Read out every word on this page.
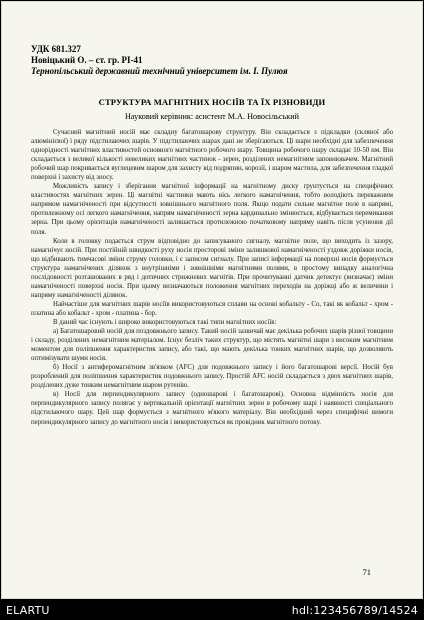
УДК 681.327
Новіцький О. – ст. гр. РІ-41
Тернопільський державний технічний університет ім. І. Пулюя
СТРУКТУРА МАГНІТНИХ НОСІЇВ ТА ЇХ РІЗНОВИДИ
Науковий керівник: асистент М.А. Новосільський

Сучасний магнітний носій має складну багатошарову структуру. Він складається з підкладки (скляної або алюмінієвої) і ряду підстилаючих шарів. У підстилаючих шарах дані не зберігаються. Ці шари необхідні для забезпечення однорідності магнітних властивостей основного магнітного робочого шару. Товщина робочого шару складає 10-50 нм. Він складається з великої кількості невеликих магнітних частинок - зерен, розділених немагнітним заповнювачем. Магнітний робочий шар покривається вуглецевим шаром для захисту від подряпин, корозії, і шаром мастила, для забезпечення гладкої поверхні і захисту від зносу.

Можливість запису і зберігання магнітної інформації на магнітному диску ґрунтується на специфічних властивостях магнітних зерен. Ці магнітні частинки мають вісь легкого намагнічення, тобто володіють переважним напрямом намагніченості при відсутності зовнішнього магнітного поля. Якщо подати сильне магнітне поле в напрямі, протилежному осі легкого намагнічення, напрям намагніченості зерна кардинально змінюється, відбувається перемикання зерна. При цьому орієнтація намагніченості залишається протилежною початковому напряму навіть після усунення дії поля.

Коли в головку подається струм відповідно до записуваного сигналу, магнітне поле, що виходить із зазору, намагнічує носій. При постійній швидкості руху носія просторові зміни залишкової намагніченості уздовж доріжки носія, що відбивають тимчасові зміни струму головки, і є записом сигналу. При записі інформації на поверхні носія формується структура намагнічених ділянок з внутрішніми і зовнішніми магнітними полями, в простому випадку аналогічна послідовності розташованих в ряд і дотичних стрижневих магнітів. При прочитуванні датчик детектує (визначає) зміни намагніченості поверхні носія. При цьому визначаються положення магнітних переходів на доріжці або ж величини і напряму намагніченості ділянок.

Найчастіше для магнітних шарів носіїв використовуються сплави на основі кобальту - Co, такі як кобальт - хром - платина або кобальт - хром - платина - бор.

В даний час існують і широко використовуються такі типи магнітних носіїв:

а) Багатошаровий носій для поздовжнього запису. Такий носій зазвичай має декілька робочих шарів різної товщини і складу, розділених немагнітним матеріалом. Існує безліч таких структур, що містять магнітні шари з високим магнітним моментом для поліпшення характеристик запису, або такі, що мають декілька тонких магнітних шарів, що дозволяють оптимізувати шуми носія.

б) Носії з антиферомагнітним зв'язком (AFC) для подовжнього запису і його багатошарові версії. Носій був розроблений для поліпшення характеристик подовжнього запису. Простій AFC носій складається з двох магнітних шарів, розділених дуже тонким немагнітним шаром рутенію.

в) Носії для перпендикулярного запису (одношарові і багатошарові). Основна відмінність носія для перпендикулярного запису полягає у вертикальній орієнтації магнітних зерен в робочому шарі і наявності спеціального підстилаючого шару. Цей шар формується з магнітного м'якого матеріалу. Він необхідний через специфічні вимоги перпендикулярного запису до магнітного носія і використовується як провідник магнітного потоку.

71
ELARTU	hdl:123456789/14524
